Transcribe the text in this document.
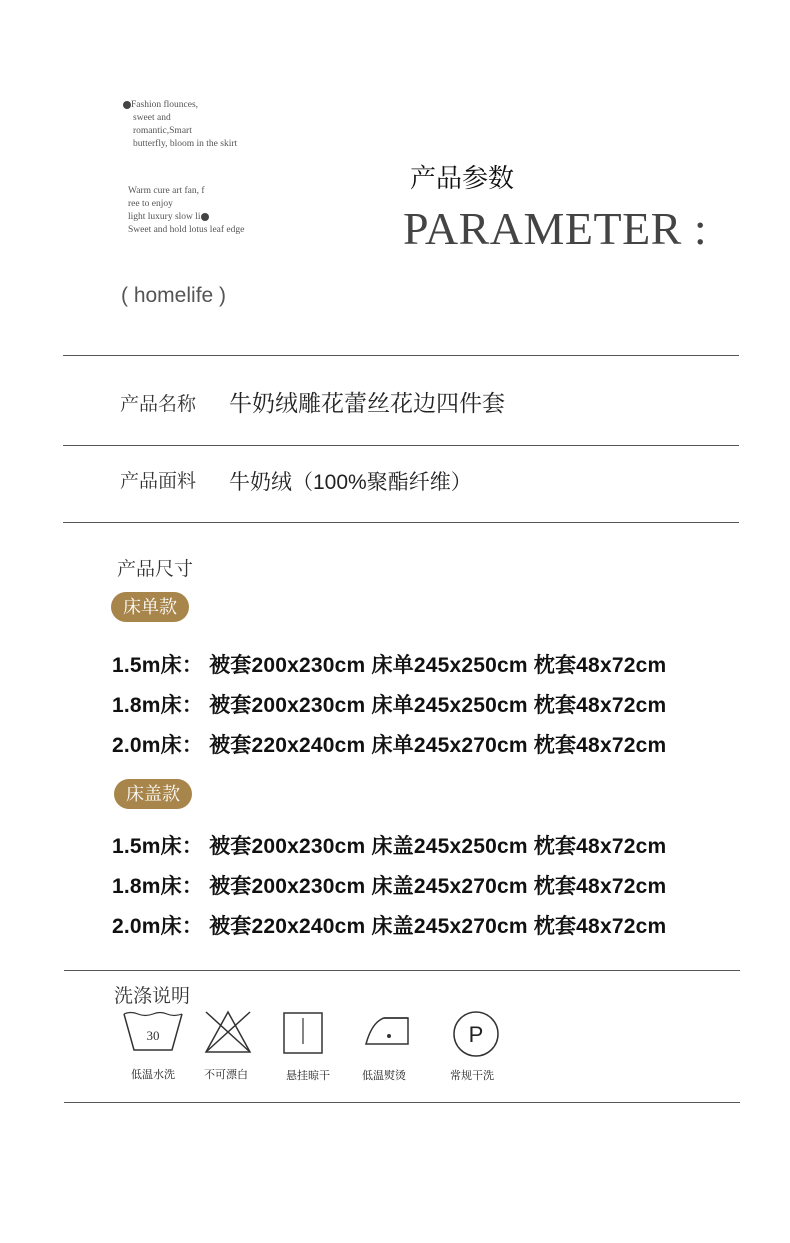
Fashion flounces,
sweet and
romantic,Smart
butterfly, bloom in the skirt
Warm cure art fan, f
ree to enjoy
light luxury slow li
Sweet and hold lotus leaf edge
产品参数
PARAMETER :
( homelife )
产品名称 牛奶绒雕花蕾丝花边四件套
产品面料 牛奶绒（100%聚酯纤维）
产品尺寸
床单款
1.5m床： 被套200x230cm 床单245x250cm 枕套48x72cm
1.8m床： 被套200x230cm 床单245x250cm 枕套48x72cm
2.0m床： 被套220x240cm 床单245x270cm 枕套48x72cm
床盖款
1.5m床： 被套200x230cm 床盖245x250cm 枕套48x72cm
1.8m床： 被套200x230cm 床盖245x270cm 枕套48x72cm
2.0m床： 被套220x240cm 床盖245x270cm 枕套48x72cm
洗涤说明
30	P
低温水洗	不可漂白	悬挂晾干	低温熨烫	常规干洗
